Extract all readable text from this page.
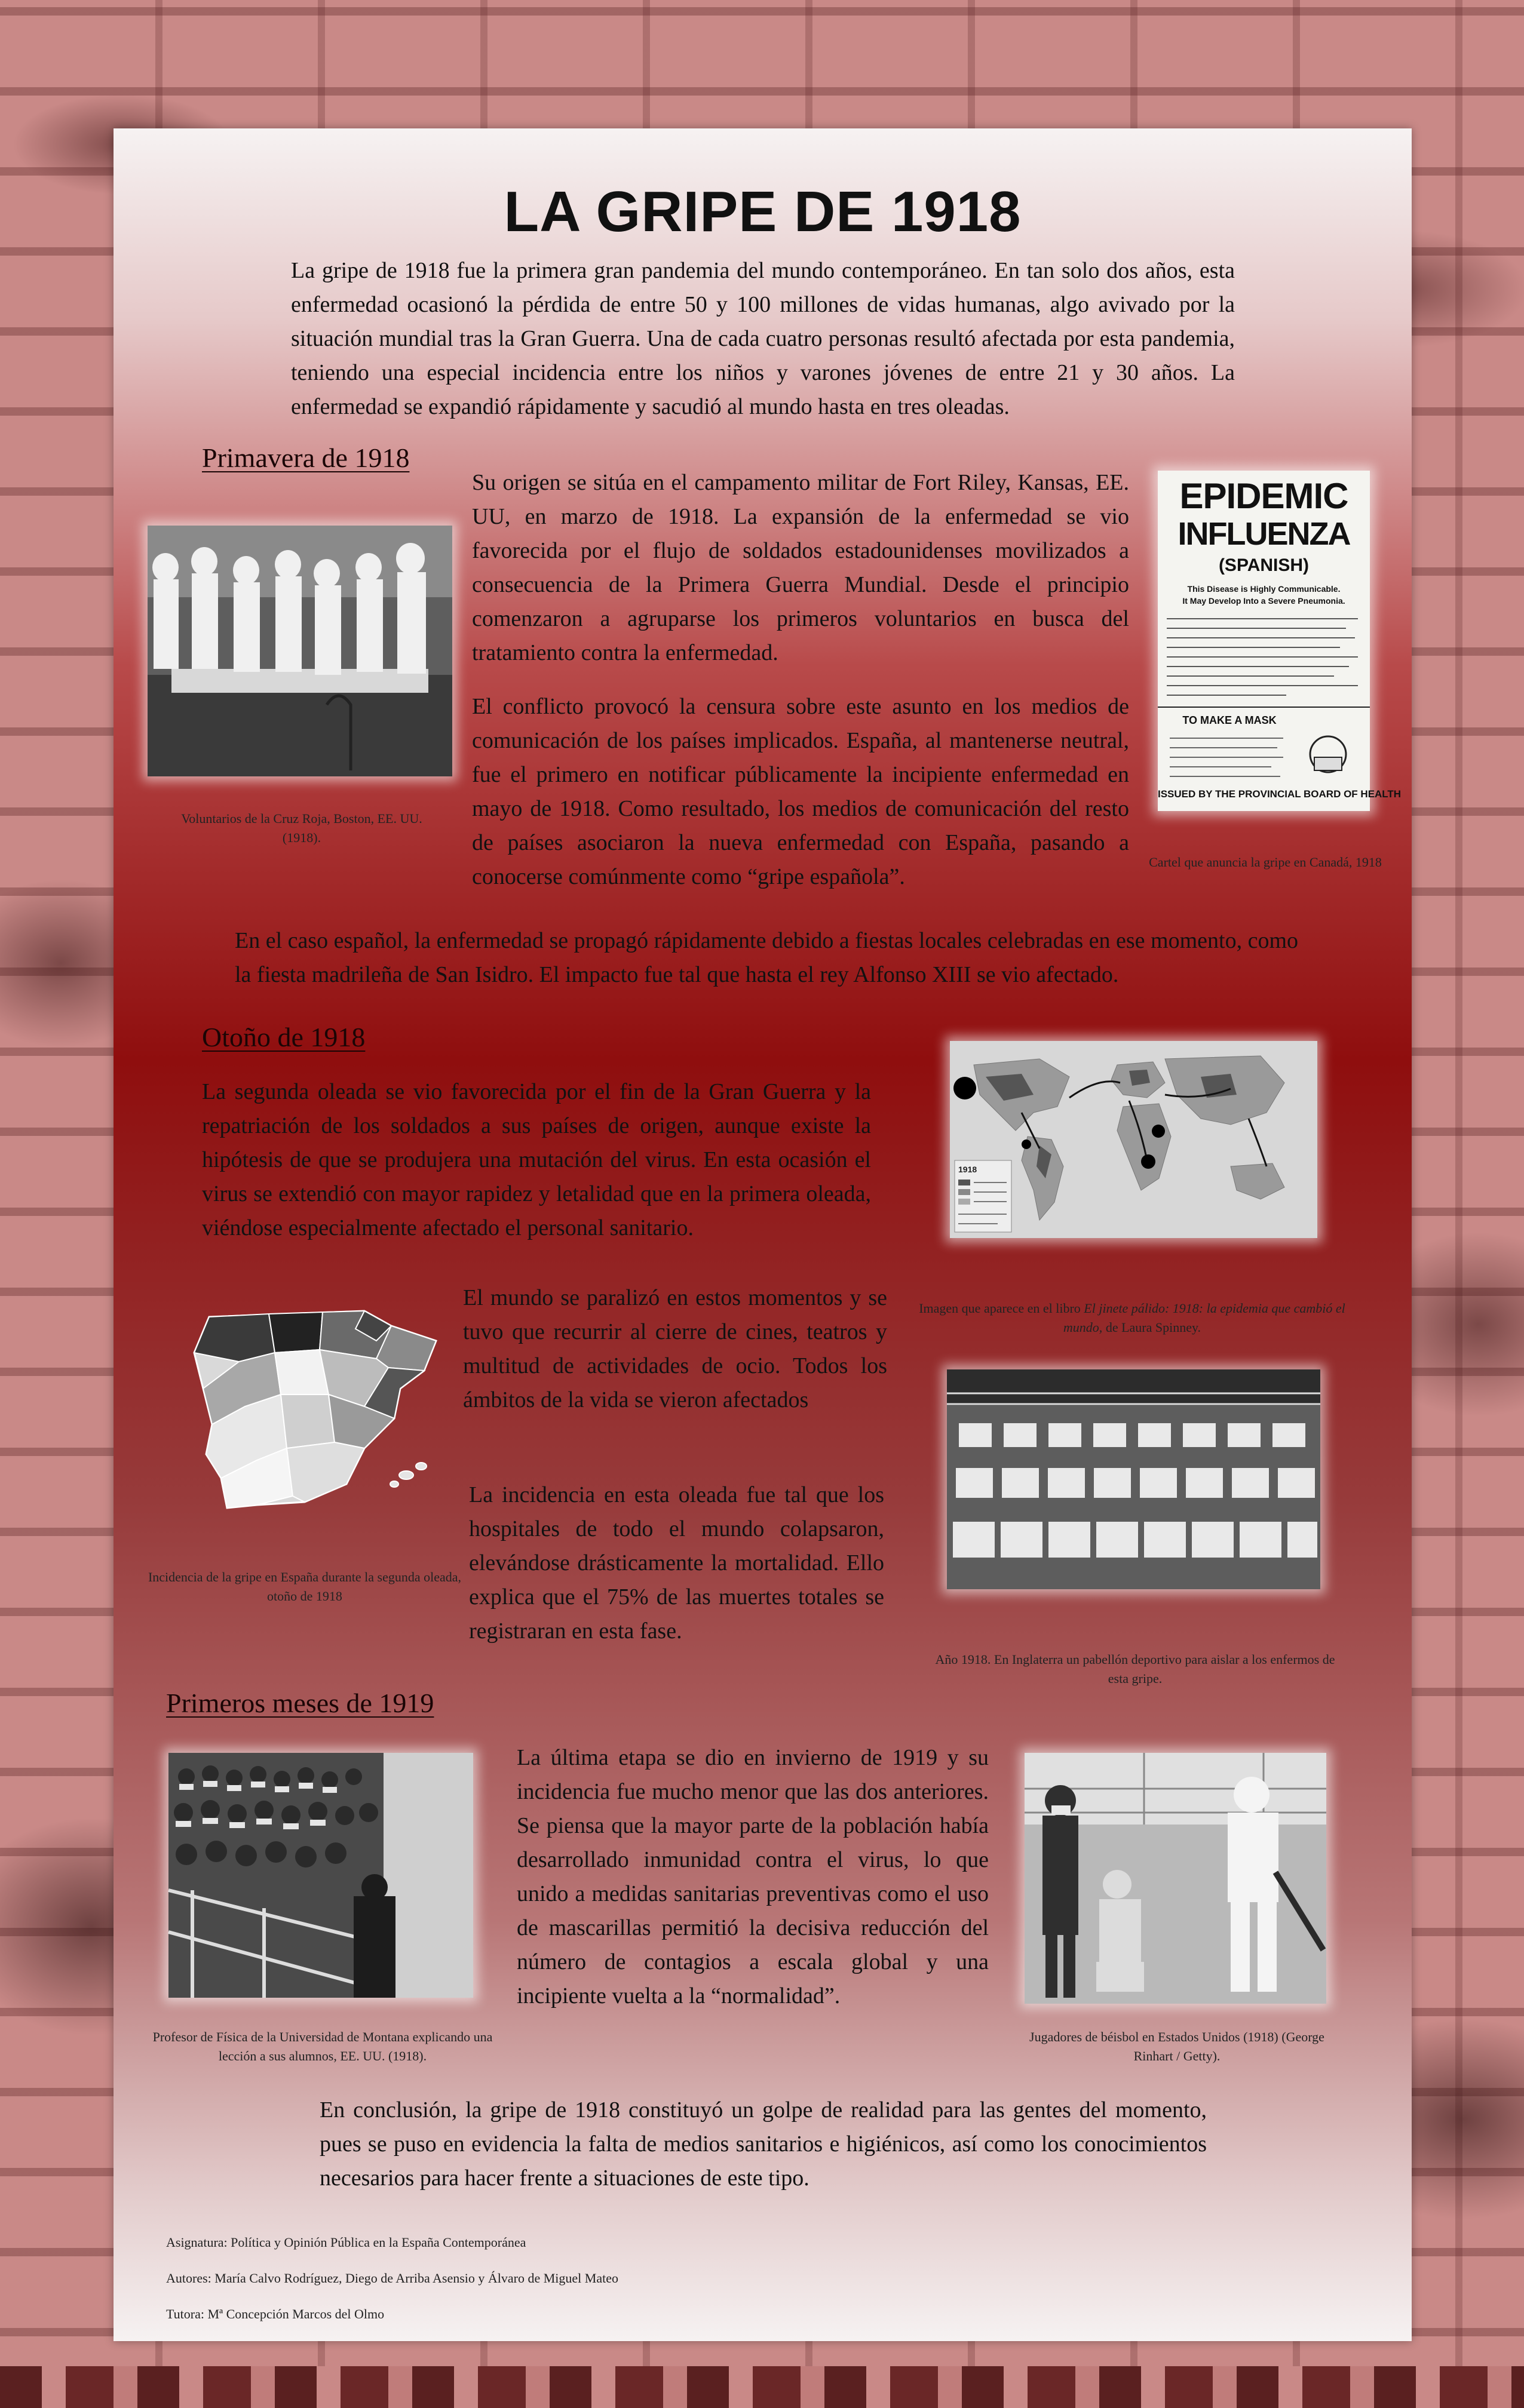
LA GRIPE DE 1918
La gripe de 1918 fue la primera gran pandemia del mundo contemporáneo. En tan solo dos años, esta enfermedad ocasionó la pérdida de entre 50 y 100 millones de vidas humanas, algo avivado por la situación mundial tras la Gran Guerra. Una de cada cuatro personas resultó afectada por esta pandemia, teniendo una especial incidencia entre los niños y varones jóvenes de entre 21 y 30 años. La enfermedad se expandió rápidamente y sacudió al mundo hasta en tres oleadas.
Primavera de 1918
Voluntarios de la Cruz Roja, Boston, EE. UU. (1918).
Su origen se sitúa en el campamento militar de Fort Riley, Kansas, EE. UU, en marzo de 1918. La expansión de la enfermedad se vio favorecida por el flujo de soldados estadounidenses movilizados a consecuencia de la Primera Guerra Mundial. Desde el principio comenzaron a agruparse los primeros voluntarios en busca del tratamiento contra la enfermedad.
El conflicto provocó la censura sobre este asunto en los medios de comunicación de los países implicados. España, al mantenerse neutral, fue el primero en notificar públicamente la incipiente enfermedad en mayo de 1918. Como resultado, los medios de comunicación del resto de países asociaron la nueva enfermedad con España, pasando a conocerse comúnmente como “gripe española”.
EPIDEMIC
INFLUENZA
(SPANISH)
This Disease is Highly Communicable.
It May Develop Into a Severe Pneumonia.
TO MAKE A MASK
ISSUED BY THE PROVINCIAL BOARD OF HEALTH
Cartel que anuncia la gripe en Canadá, 1918
En el caso español, la enfermedad se propagó rápidamente debido a fiestas locales celebradas en ese momento, como la fiesta madrileña de San Isidro. El impacto fue tal que hasta el rey Alfonso XIII se vio afectado.
Otoño de 1918
La segunda oleada se vio favorecida por el fin de la Gran Guerra y la repatriación de los soldados a sus países de origen, aunque existe la hipótesis de que se produjera una mutación del virus. En esta ocasión el virus se extendió con mayor rapidez y letalidad que en la primera oleada, viéndose especialmente afectado el personal sanitario.
1918
Imagen que aparece en el libro El jinete pálido: 1918: la epidemia que cambió el mundo, de Laura Spinney.
Incidencia de la gripe en España durante la segunda oleada, otoño de 1918
El mundo se paralizó en estos momentos y se tuvo que recurrir al cierre de cines, teatros y multitud de actividades de ocio. Todos los ámbitos de la vida se vieron afectados
La incidencia en esta oleada fue tal que los hospitales de todo el mundo colapsaron, elevándose drásticamente la mortalidad. Ello explica que el 75% de las muertes totales se registraran en esta fase.
Año 1918. En Inglaterra un pabellón deportivo para aislar a los enfermos de esta gripe.
Primeros meses de 1919
Profesor de Física de la Universidad de Montana explicando una lección a sus alumnos, EE. UU. (1918).
La última etapa se dio en invierno de 1919 y su incidencia fue mucho menor que las dos anteriores. Se piensa que la mayor parte de la población había desarrollado inmunidad contra el virus, lo que unido a medidas sanitarias preventivas como el uso de mascarillas permitió la decisiva reducción del número de contagios a escala global y una incipiente vuelta a la “normalidad”.
Jugadores de béisbol en Estados Unidos (1918) (George Rinhart / Getty).
En conclusión, la gripe de 1918 constituyó un golpe de realidad para las gentes del momento, pues se puso en evidencia la falta de medios sanitarios e higiénicos, así como los conocimientos necesarios para hacer frente a situaciones de este tipo.
Asignatura: Política y Opinión Pública en la España Contemporánea
Autores: María Calvo Rodríguez, Diego de Arriba Asensio y Álvaro de Miguel Mateo
Tutora: Mª Concepción Marcos del Olmo
